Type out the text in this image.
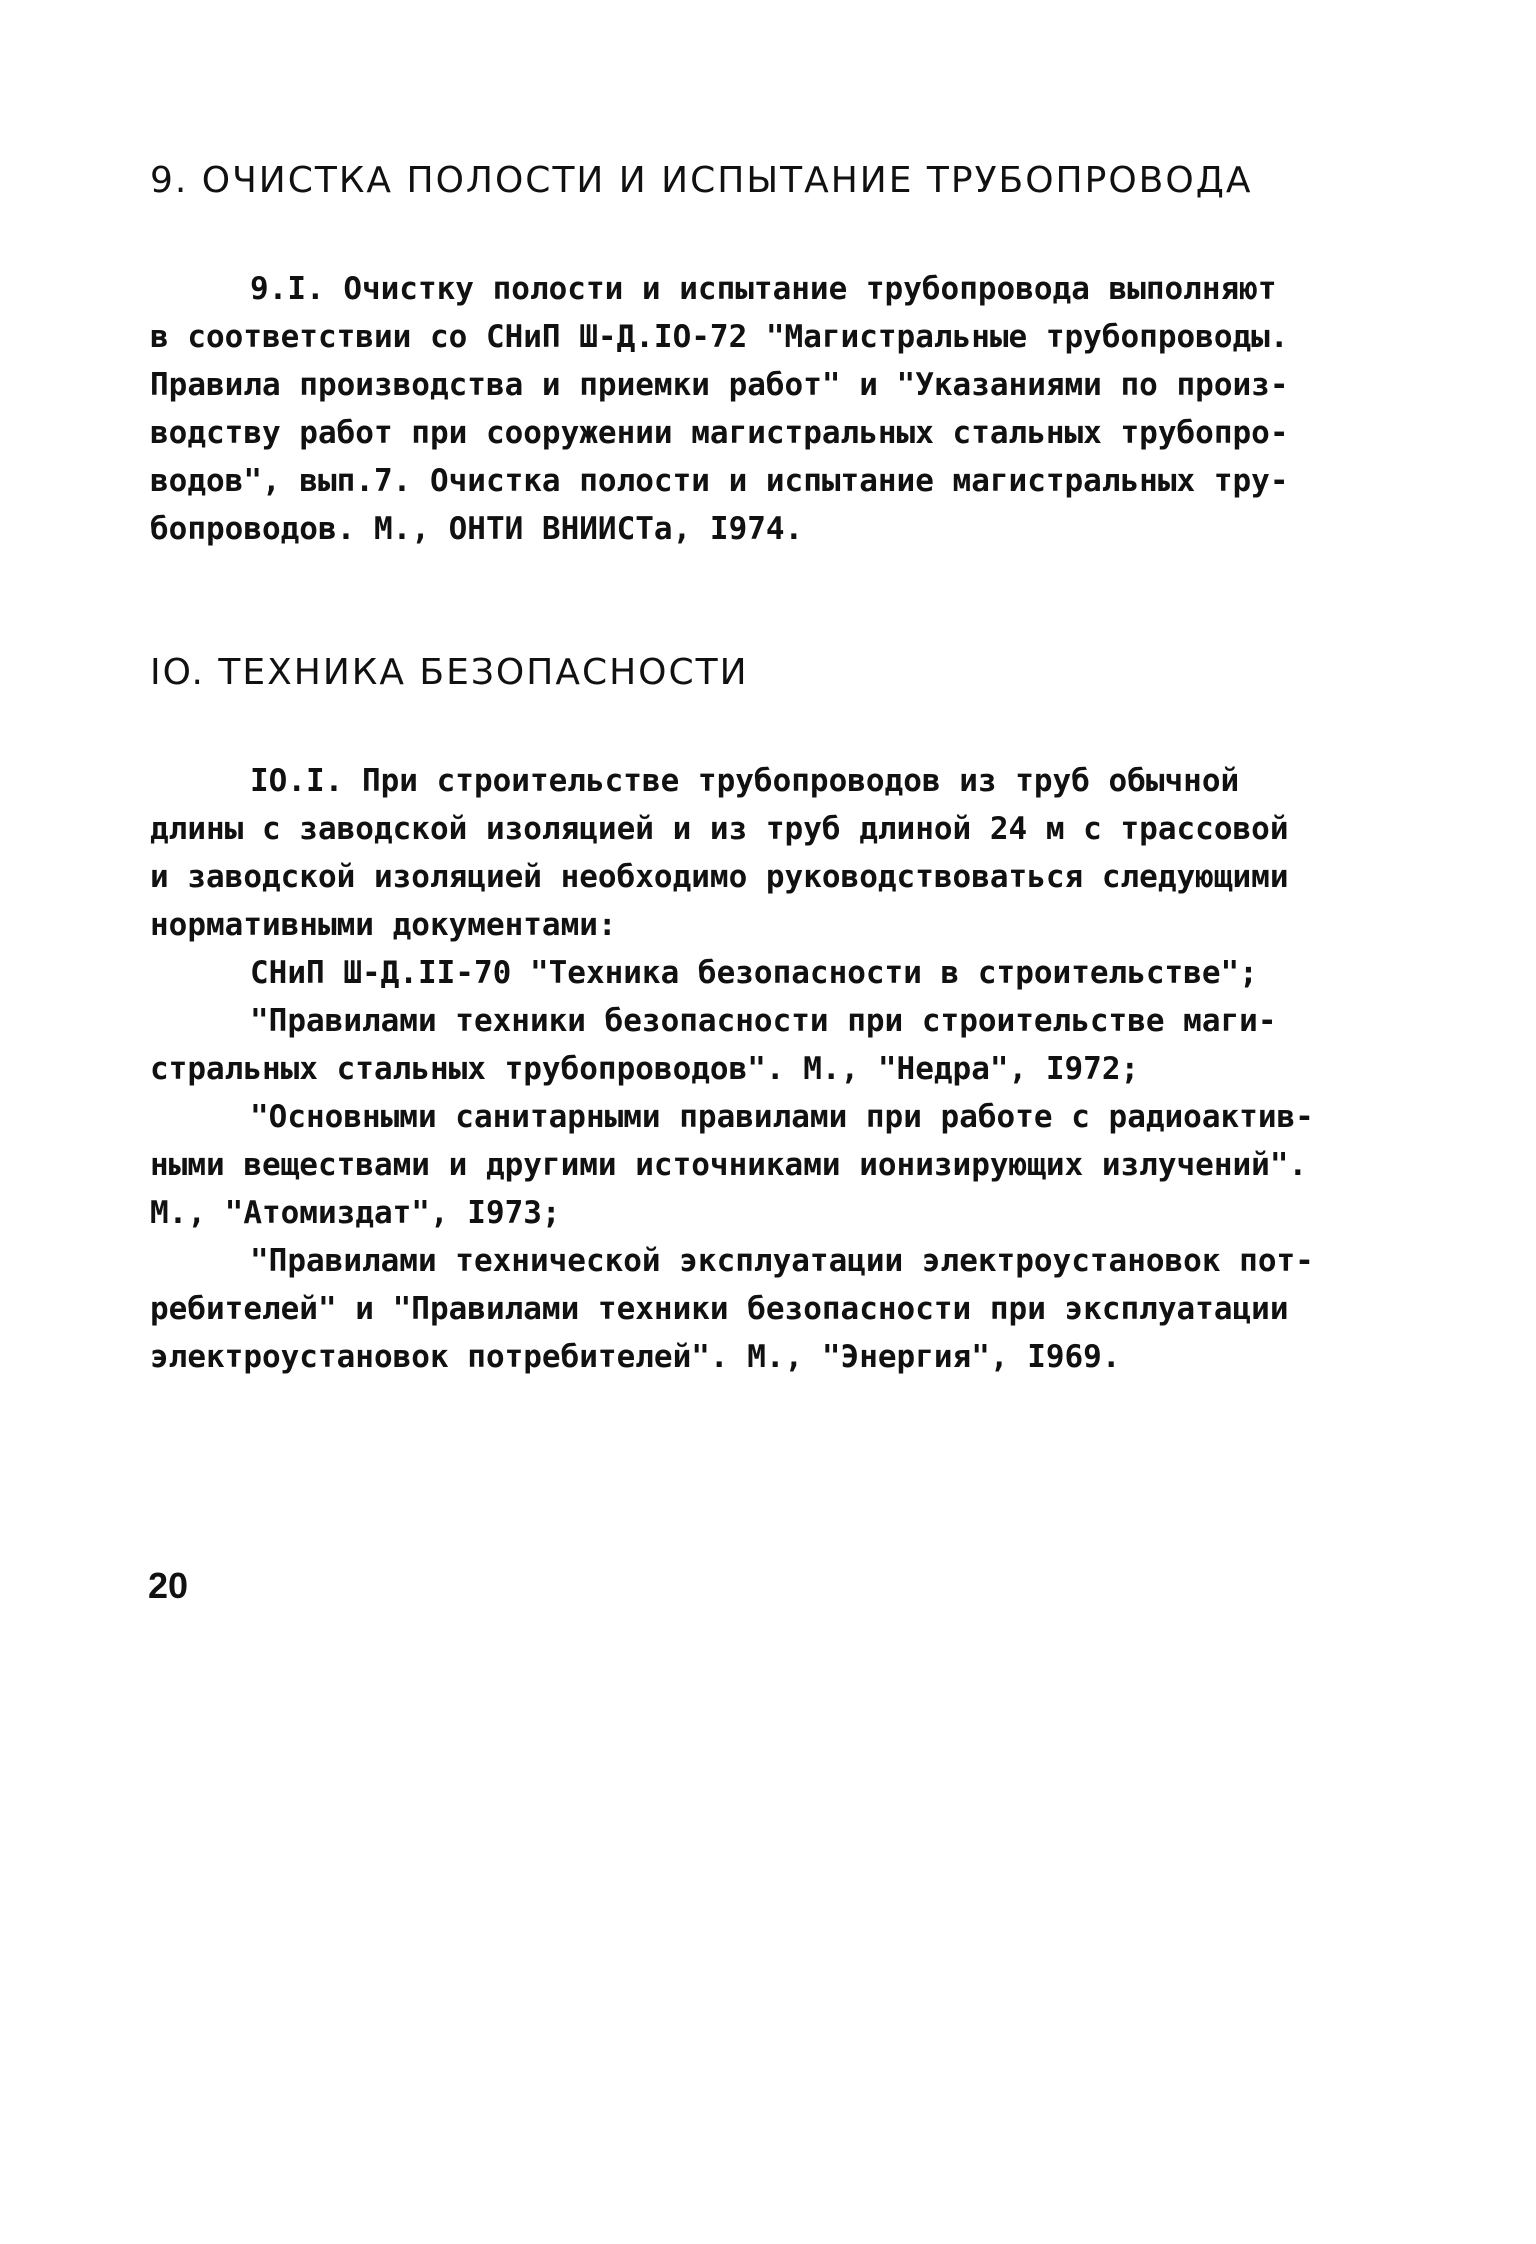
9. ОЧИСТКА ПОЛОСТИ И ИСПЫТАНИЕ ТРУБОПРОВОДА
9.I. Очистку полости и испытание трубопровода выполняют
в соответствии со СНиП Ш-Д.IO-72 "Магистральные трубопроводы.
Правила производства и приемки работ" и "Указаниями по произ-
водству работ при сооружении магистральных стальных трубопро-
водов", вып.7. Очистка полости и испытание магистральных тру-
бопроводов. М., ОНТИ ВНИИСТа, I974.
IO. ТЕХНИКА БЕЗОПАСНОСТИ
IO.I. При строительстве трубопроводов из труб обычной
длины с заводской изоляцией и из труб длиной 24 м с трассовой
и заводской изоляцией необходимо руководствоваться следующими
нормативными документами:
СНиП Ш-Д.II-70 "Техника безопасности в строительстве";
"Правилами техники безопасности при строительстве маги-
стральных стальных трубопроводов". М., "Недра", I972;
"Основными санитарными правилами при работе с радиоактив-
ными веществами и другими источниками ионизирующих излучений".
М., "Атомиздат", I973;
"Правилами технической эксплуатации электроустановок пот-
ребителей" и "Правилами техники безопасности при эксплуатации
электроустановок потребителей". М., "Энергия", I969.
20
